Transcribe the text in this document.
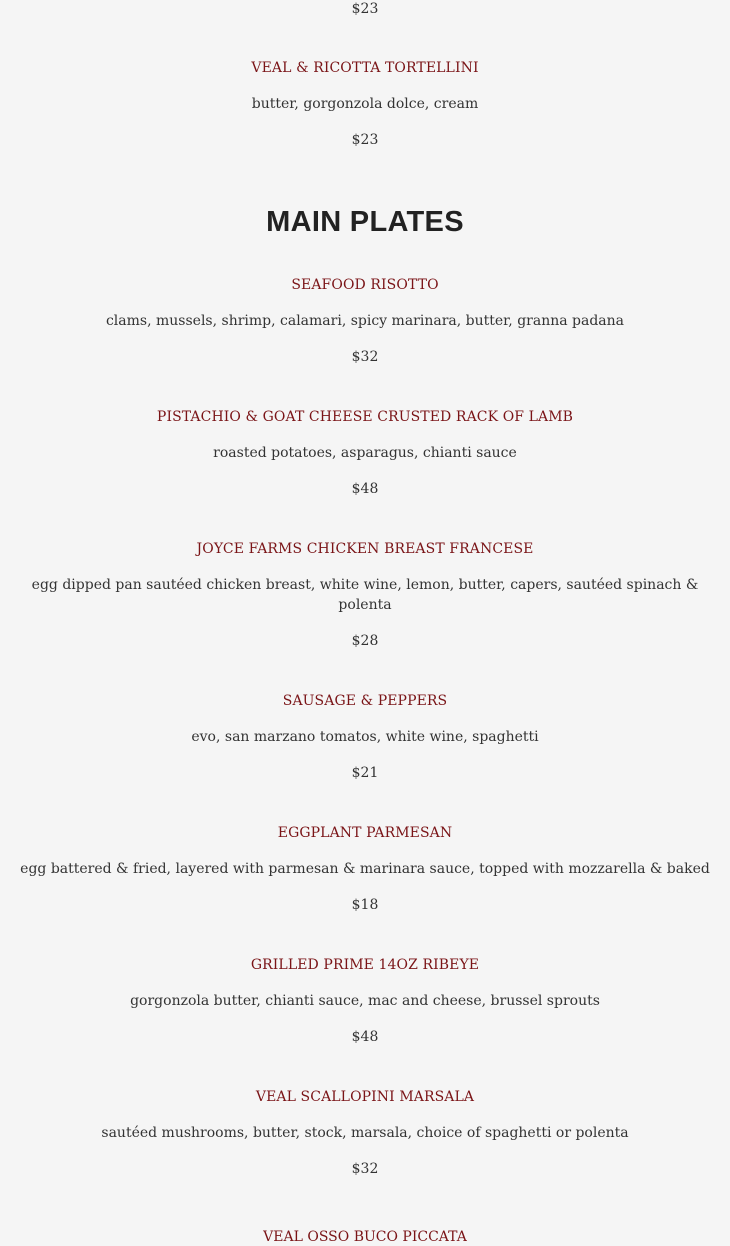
$23

VEAL & RICOTTA TORTELLINI

butter, gorgonzola dolce, cream

$23

MAIN PLATES

SEAFOOD RISOTTO

clams, mussels, shrimp, calamari, spicy marinara, butter, granna padana

$32

PISTACHIO & GOAT CHEESE CRUSTED RACK OF LAMB

roasted potatoes, asparagus, chianti sauce

$48

JOYCE FARMS CHICKEN BREAST FRANCESE

egg dipped pan sautéed chicken breast, white wine, lemon, butter, capers, sautéed spinach & polenta

$28

SAUSAGE & PEPPERS

evo, san marzano tomatos, white wine, spaghetti

$21

EGGPLANT PARMESAN

egg battered & fried, layered with parmesan & marinara sauce, topped with mozzarella & baked

$18

GRILLED PRIME 14OZ RIBEYE

gorgonzola butter, chianti sauce, mac and cheese, brussel sprouts

$48

VEAL SCALLOPINI MARSALA

sautéed mushrooms, butter, stock, marsala, choice of spaghetti or polenta

$32

VEAL OSSO BUCO PICCATA
